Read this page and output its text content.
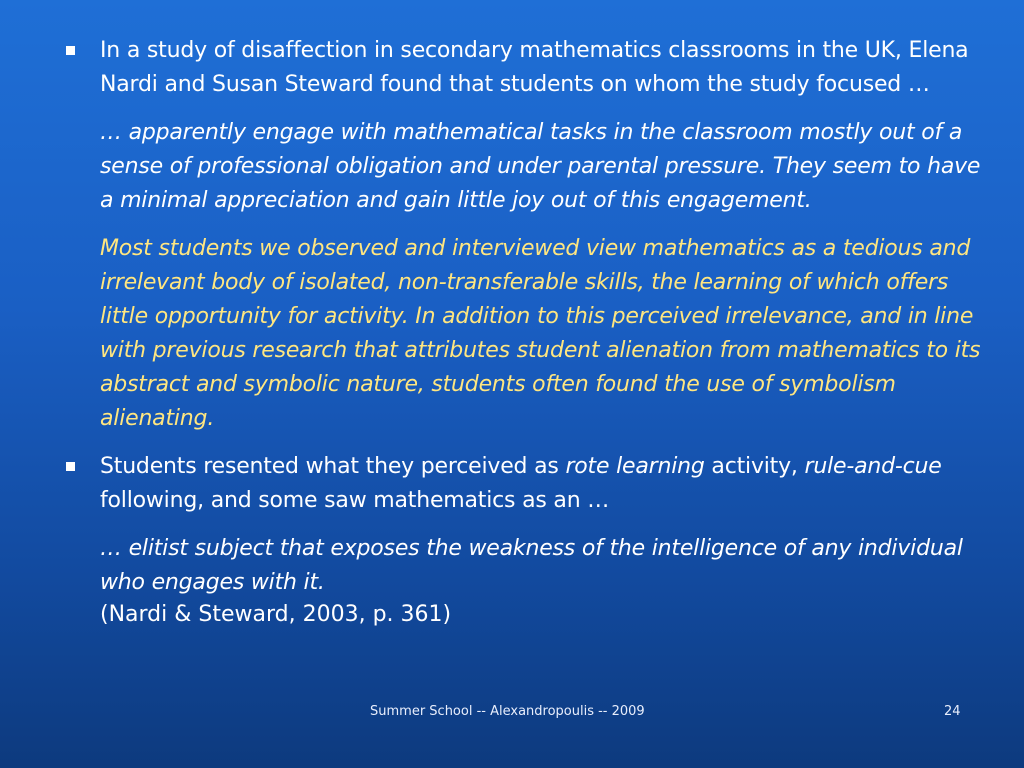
In a study of disaffection in secondary mathematics classrooms in the UK, Elena Nardi and Susan Steward found that students on whom the study focused …

… apparently engage with mathematical tasks in the classroom mostly out of a sense of professional obligation and under parental pressure. They seem to have a minimal appreciation and gain little joy out of this engagement.

Most students we observed and interviewed view mathematics as a tedious and irrelevant body of isolated, non-transferable skills, the learning of which offers little opportunity for activity. In addition to this perceived irrelevance, and in line with previous research that attributes student alienation from mathematics to its abstract and symbolic nature, students often found the use of symbolism alienating.

Students resented what they perceived as rote learning activity, rule-and-cue following, and some saw mathematics as an …

… elitist subject that exposes the weakness of the intelligence of any individual who engages with it.

(Nardi & Steward, 2003, p. 361)
Summer School -- Alexandropoulis -- 2009	24
